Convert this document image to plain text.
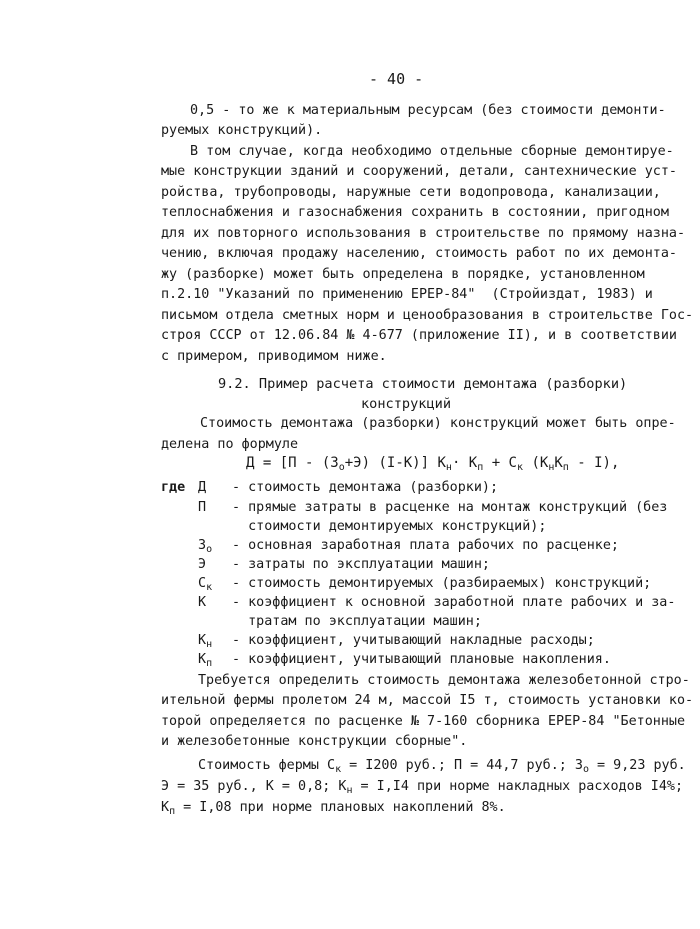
- 40 -
0,5 - то же к материальным ресурсам (без стоимости демонти-
руемых конструкций).
В том случае, когда необходимо отдельные сборные демонтируе-
мые конструкции зданий и сооружений, детали, сантехнические уст-
ройства, трубопроводы, наружные сети водопровода, канализации,
теплоснабжения и газоснабжения сохранить в состоянии, пригодном
для их повторного использования в строительстве по прямому назна-
чению, включая продажу населению, стоимость работ по их демонта-
жу (разборке) может быть определена в порядке, установленном
п.2.10 "Указаний по применению ЕРЕР-84"  (Стройиздат, 1983) и
письмом отдела сметных норм и ценообразования в строительстве Гос-
строя СССР от 12.06.84 № 4-677 (приложение II), и в соответствии
с примером, приводимом ниже.
9.2. Пример расчета стоимости демонтажа (разборки)
конструкций
Стоимость демонтажа (разборки) конструкций может быть опре-
делена по формуле
$Д = [П - (З_о+Э)$ (I-К)] $К_н\cdot К_п + С_к$ $(К_нК_п - I)$,
где Д - стоимость демонтажа (разборки);
П - прямые затраты в расценке на монтаж конструкций (без
стоимости демонтируемых конструкций);
$З_о$ - основная заработная плата рабочих по расценке;
Э - затраты по эксплуатации машин;
$С_к$ - стоимость демонтируемых (разбираемых) конструкций;
К - коэффициент к основной заработной плате рабочих и за-
тратам по эксплуатации машин;
$К_н$ - коэффициент, учитывающий накладные расходы;
$К_п$ - коэффициент, учитывающий плановые накопления.
Требуется определить стоимость демонтажа железобетонной стро-
ительной фермы пролетом 24 м, массой I5 т, стоимость установки ко-
торой определяется по расценке № 7-160 сборника ЕРЕР-84 "Бетонные
и железобетонные конструкции сборные".
Стоимость фермы $С_к = I200$ руб.; П = 44,7 руб.; $З_о = 9,23$ руб.
Э = 35 руб., К = 0,8; $К_н = I,I4$ при норме накладных расходов I4%;
$К_п = I,08$ при норме плановых накоплений 8%.
